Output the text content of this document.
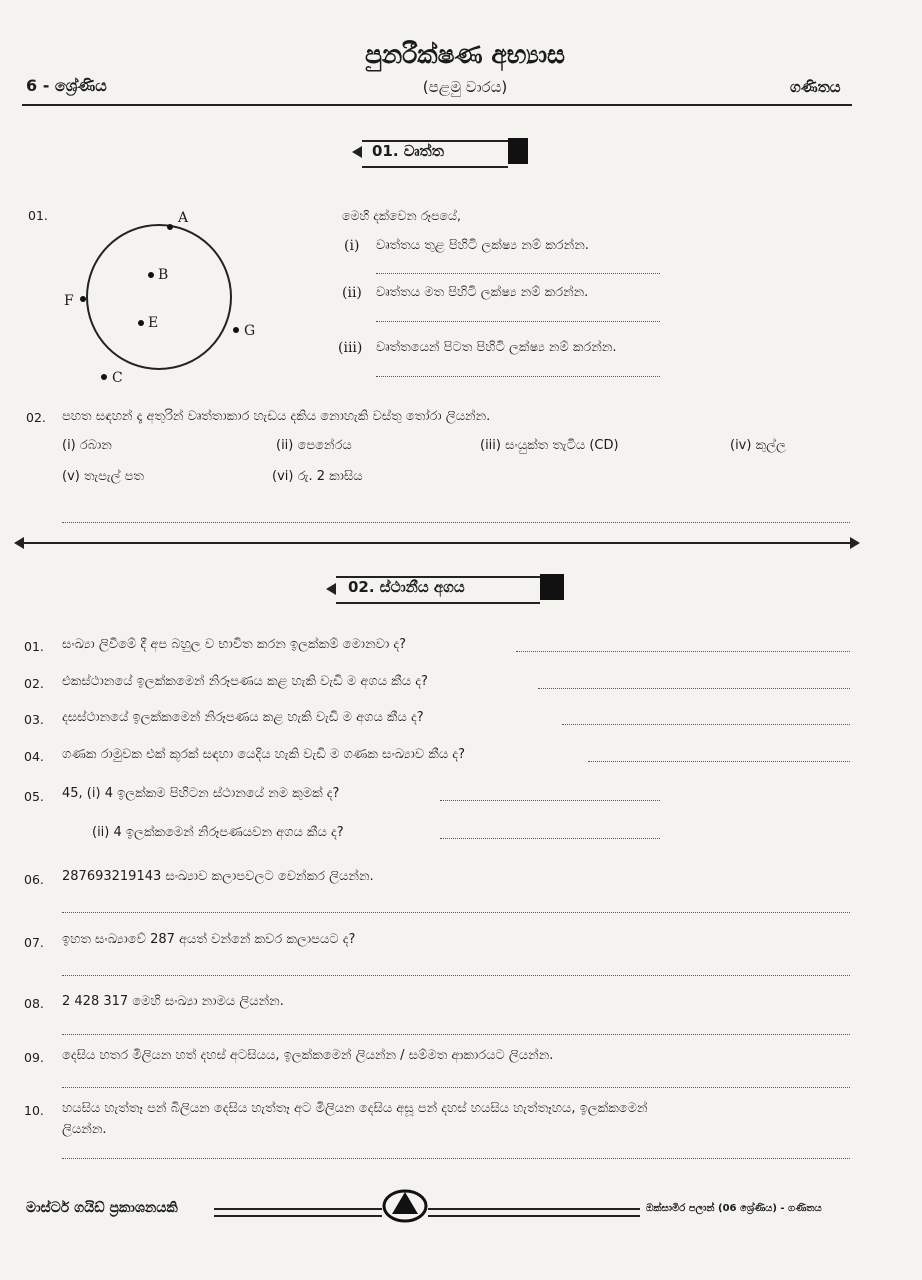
පුනරීක්ෂණ අභ්‍යාස
(පළමු වාරය)
6 - ශ්‍රේණිය	ගණිතය
01. වෘත්ත
01.	A
B
E
F
G
C
මෙහි දක්වෙන රූපයේ,
(i) වෘත්තය තුළ පිහිටි ලක්ෂ්‍ය නම් කරන්න.
(ii) වෘත්තය මත පිහිටි ලක්ෂ්‍ය නම් කරන්න.
(iii) වෘත්තයෙන් පිටත පිහිටි ලක්ෂ්‍ය නම් කරන්න.
02. පහත සඳහන් දෑ අතුරින් වෘත්තාකාර හැඩය දකිය නොහැකි වස්තු තෝරා ලියන්න.
(i) රබාන	(ii) පෙනේරය	(iii) සංයුක්ත තැටිය (CD)	(iv) කුල්ල
(v) තැපැල් පත	(vi) රු. 2 කාසිය
02. ස්ථානීය අගය
01. සංඛ්‍යා ලිවීමේ දී අප බහුල ව භාවිත කරන ඉලක්කම් මොනවා ද?
02. එකස්ථානයේ ඉලක්කමෙන් නිරූපණය කළ හැකි වැඩි ම අගය කීය ද?
03. දසස්ථානයේ ඉලක්කමෙන් නිරූපණය කළ හැකි වැඩි ම අගය කීය ද?
04. ගණක රාමුවක එක් කූරක් සඳහා යෙදිය හැකි වැඩි ම ගණක සංඛ්‍යාව කීය ද?
05. 45, (i) 4 ඉලක්කම පිහිටන ස්ථානයේ නම කුමක් ද?
(ii) 4 ඉලක්කමෙන් නිරූපණයවන අගය කීය ද?
06. 287693219143 සංඛ්‍යාව කලාපවලට වෙන්කර ලියන්න.
07. ඉහත සංඛ්‍යාවේ 287 අයත් වන්නේ කවර කලාපයට ද?
08. 2 428 317 මෙහි සංඛ්‍යා නාමය ලියන්න.
09. දෙසිය හතර මිලියන හත් දහස් අටසියය, ඉලක්කමෙන් ලියන්න / සම්මත ආකාරයට ලියන්න.
10. හයසිය හැත්තෑ පන් බිලියන දෙසිය හැත්තෑ අට මිලියන දෙසිය අසූ පන් දහස් හයසිය හැත්තෑහය, ඉලක්කමෙන්
ලියන්න.
මාස්ටර් ගයිඩ් ප්‍රකාශනයකි	ඔක්සාමිර පලාන් (06 ශ්‍රේණිය) - ගණිතය
